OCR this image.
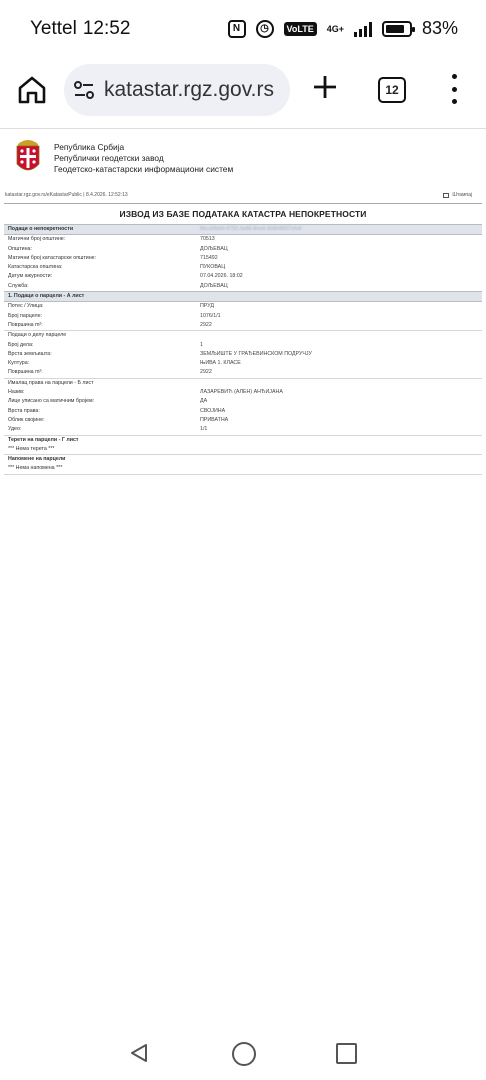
Yettel 12:52	N	◷	VoLTE	4G+	83%
katastar.rgz.gov.rs	12
Република Србија
Републички геодетски завод
Геодетско-катастарски информациони систем
katastar.rgz.gov.rs/eKatastarPublic | 8.4.2026. 12:52:13	Штампај
ИЗВОД ИЗ БАЗЕ ПОДАТАКА КАТАСТРА НЕПОКРЕТНОСТИ
Подаци о непокретности	86cd4bb0-0752-4a86-8ea4-5b8b5657efe6
Матични број општине:	70513
Општина:	ДОЉЕВАЦ
Матични број катастарске општине:	715492
Катастарска општина:	ПУКОВАЦ
Датум ажурности:	07.04.2026. 18:02
Служба:	ДОЉЕВАЦ
1. Подаци о парцели - А лист
Потес / Улица:	ПРУД
Број парцеле:	1076/1/1
Површина m²:	2922
Подаци о делу парцеле
Број дела:	1
Врста земљишта:	ЗЕМЉИШТЕ У ГРАЂЕВИНСКОМ ПОДРУЧЈУ
Култура:	ЊИВА 1. КЛАСЕ
Површина m²:	2922
Ималац права на парцели - Б лист
Назив:	ЛАЗАРЕВИЋ (АЛЕН) АНЂИЈАНА
Лице уписано са матичним бројем:	ДА
Врста права:	СВОЈИНА
Облик својине:	ПРИВАТНА
Удео:	1/1
Терети на парцели - Г лист
*** Нема терета ***
Напомене на парцели
*** Нема напомена ***
